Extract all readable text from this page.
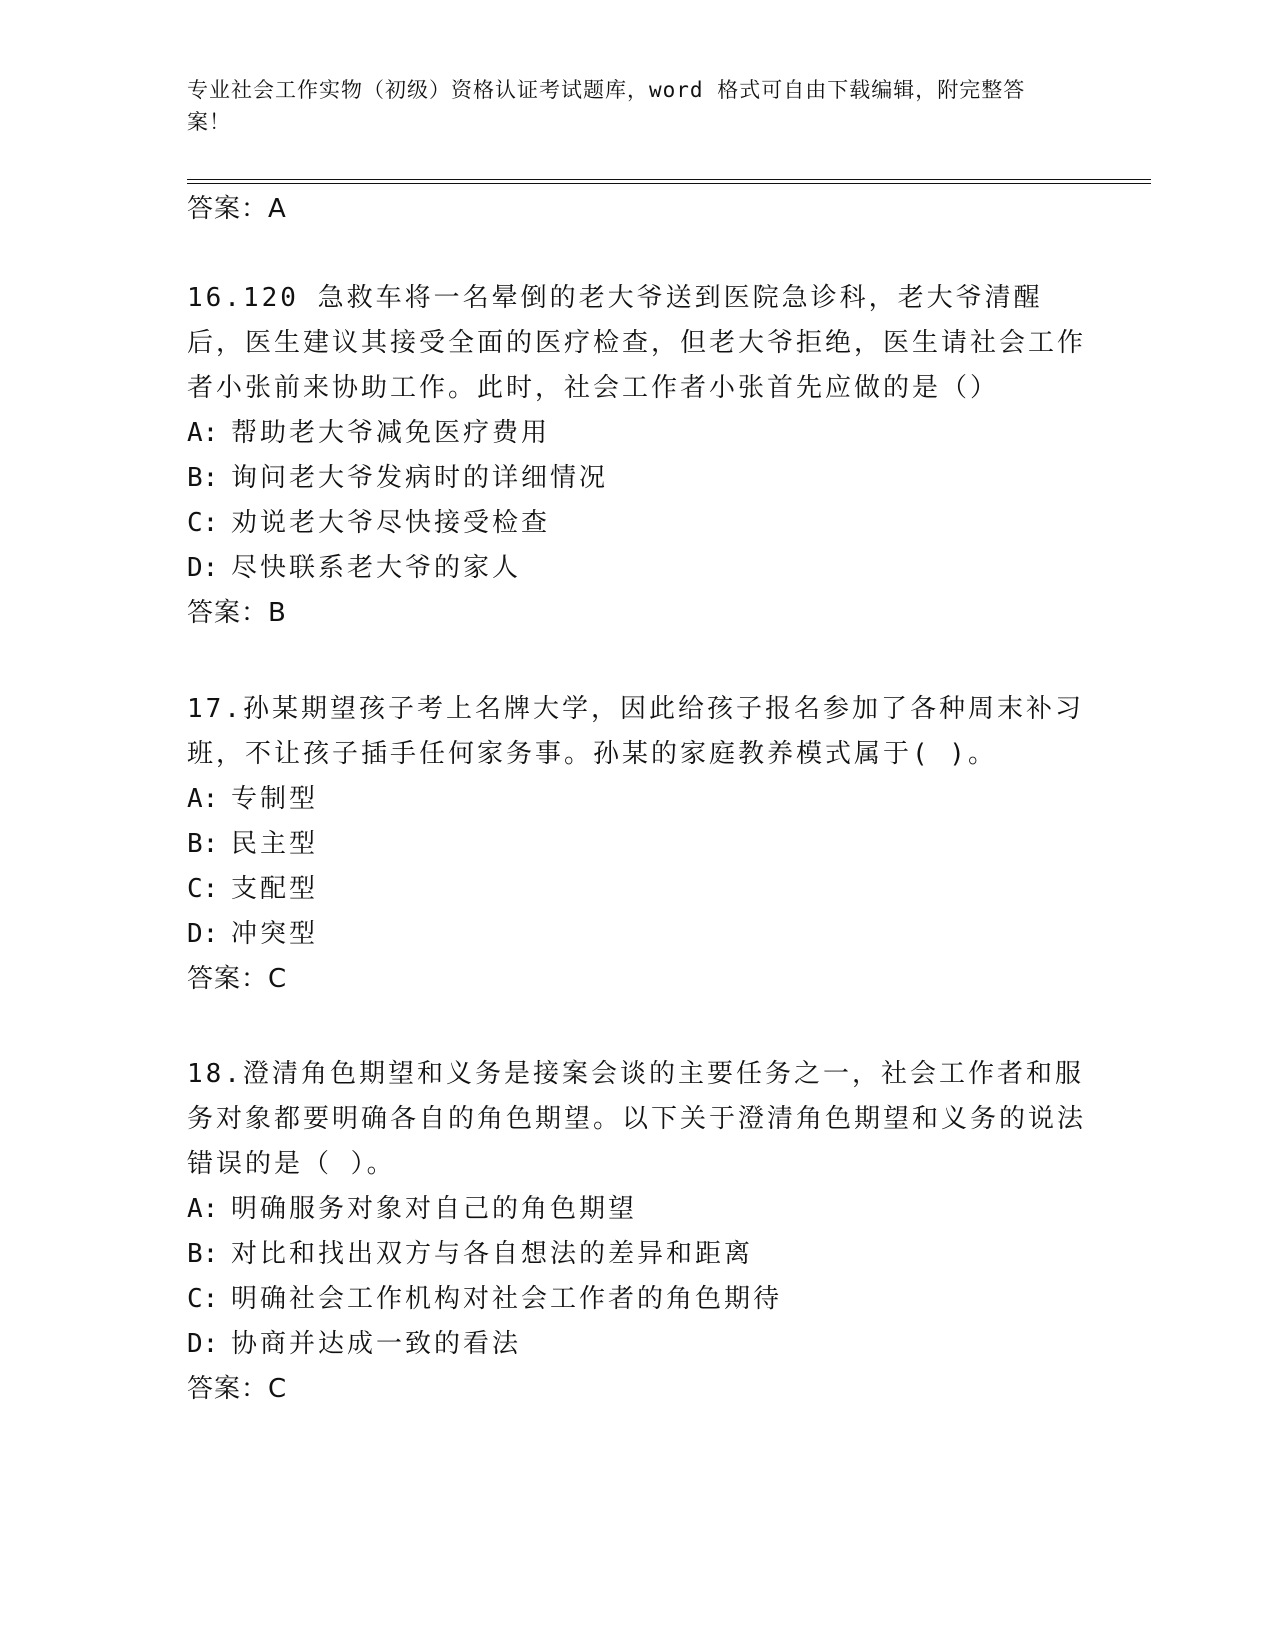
专业社会工作实物（初级）资格认证考试题库，word 格式可自由下载编辑，附完整答案！

答案：A

16.120 急救车将一名晕倒的老大爷送到医院急诊科，老大爷清醒后，医生建议其接受全面的医疗检查，但老大爷拒绝，医生请社会工作者小张前来协助工作。此时，社会工作者小张首先应做的是（）

A: 帮助老大爷减免医疗费用

B: 询问老大爷发病时的详细情况

C: 劝说老大爷尽快接受检查

D: 尽快联系老大爷的家人

答案：B

17.孙某期望孩子考上名牌大学，因此给孩子报名参加了各种周末补习班，不让孩子插手任何家务事。孙某的家庭教养模式属于( )。

A: 专制型

B: 民主型

C: 支配型

D: 冲突型

答案：C

18.澄清角色期望和义务是接案会谈的主要任务之一，社会工作者和服务对象都要明确各自的角色期望。以下关于澄清角色期望和义务的说法错误的是（ ）。

A: 明确服务对象对自己的角色期望

B: 对比和找出双方与各自想法的差异和距离

C: 明确社会工作机构对社会工作者的角色期待

D: 协商并达成一致的看法

答案：C
